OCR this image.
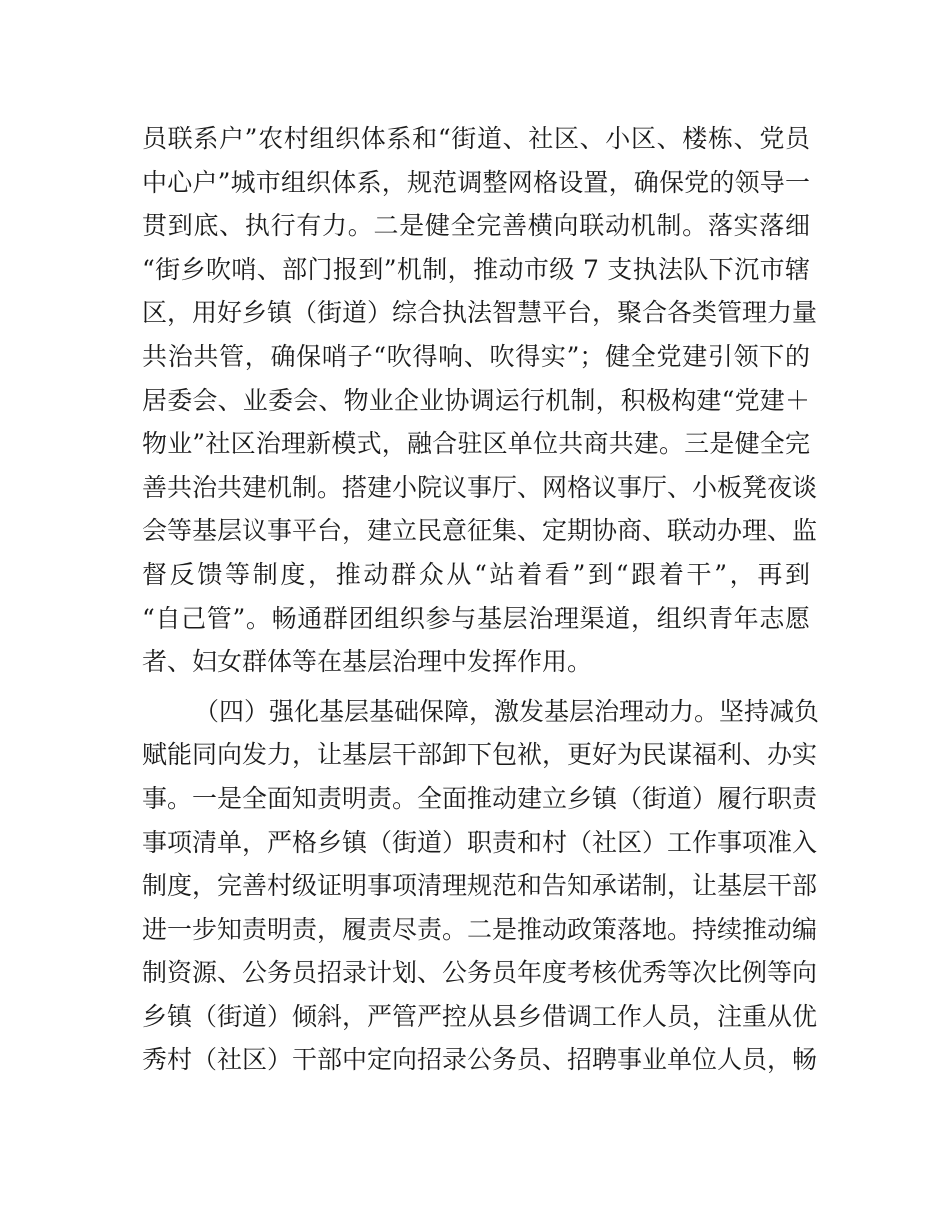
员联系户”农村组织体系和“街道、社区、小区、楼栋、党员
中心户”城市组织体系，规范调整网格设置，确保党的领导一
贯到底、执行有力。二是健全完善横向联动机制。落实落细
“街乡吹哨、部门报到”机制，推动市级 7 支执法队下沉市辖
区，用好乡镇（街道）综合执法智慧平台，聚合各类管理力量
共治共管，确保哨子“吹得响、吹得实”；健全党建引领下的
居委会、业委会、物业企业协调运行机制，积极构建“党建＋
物业”社区治理新模式，融合驻区单位共商共建。三是健全完
善共治共建机制。搭建小院议事厅、网格议事厅、小板凳夜谈
会等基层议事平台，建立民意征集、定期协商、联动办理、监
督反馈等制度，推动群众从“站着看”到“跟着干”，再到
“自己管”。畅通群团组织参与基层治理渠道，组织青年志愿
者、妇女群体等在基层治理中发挥作用。
（四）强化基层基础保障，激发基层治理动力。坚持减负
赋能同向发力，让基层干部卸下包袱，更好为民谋福利、办实
事。一是全面知责明责。全面推动建立乡镇（街道）履行职责
事项清单，严格乡镇（街道）职责和村（社区）工作事项准入
制度，完善村级证明事项清理规范和告知承诺制，让基层干部
进一步知责明责，履责尽责。二是推动政策落地。持续推动编
制资源、公务员招录计划、公务员年度考核优秀等次比例等向
乡镇（街道）倾斜，严管严控从县乡借调工作人员，注重从优
秀村（社区）干部中定向招录公务员、招聘事业单位人员，畅
